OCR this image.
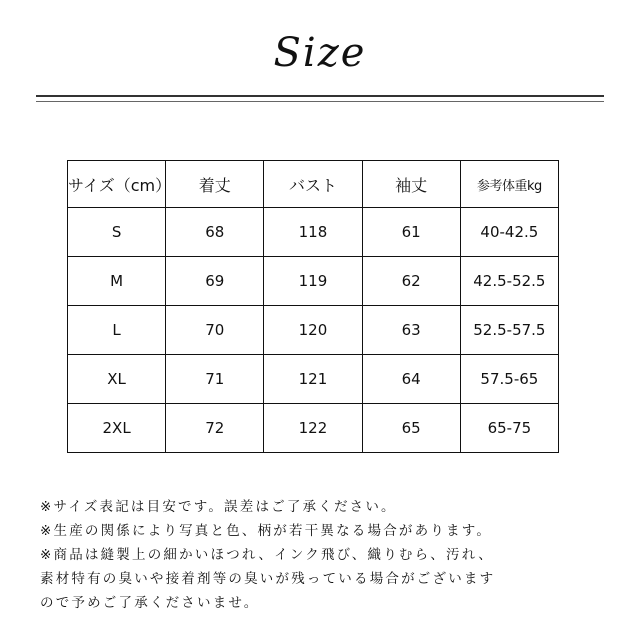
Size
サイズ（cm）	着丈	バスト	袖丈	参考体重kg
S	68	118	61	40-42.5
M	69	119	62	42.5-52.5
L	70	120	63	52.5-57.5
XL	71	121	64	57.5-65
2XL	72	122	65	65-75
※サイズ表記は目安です。誤差はご了承ください。
※生産の関係により写真と色、柄が若干異なる場合があります。
※商品は縫製上の細かいほつれ、インク飛び、織りむら、汚れ、
素材特有の臭いや接着剤等の臭いが残っている場合がございます
ので予めご了承くださいませ。
